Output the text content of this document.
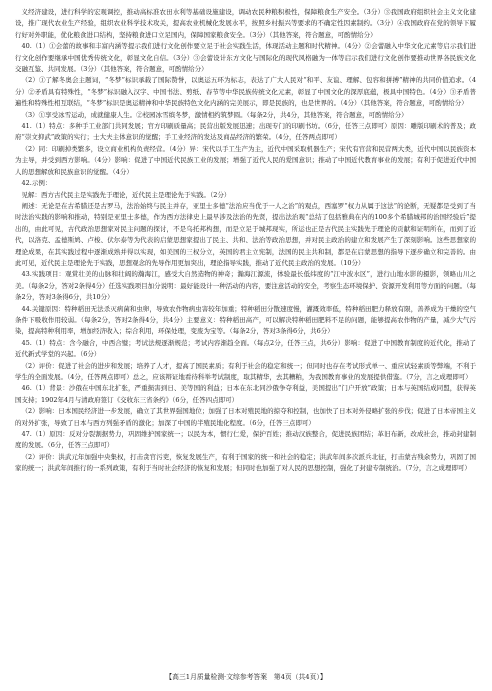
义经济建设，进行科学的宏观调控，推动高标准农田水利等基础设施建设，调动农民种粮积极性，保障粮食生产安全。（3分）③我国政府组织社会主义文化建设，推广现代农业生产经验，组织农业科学技术攻关，提高农业机械化发展水平，按照乡村振兴等要求的不确定性因素制约。（3分）④我国政府在党的领导下履行好对外职能，优化粮食进口结构，坚持粮食进口立足国内，保障国家粮食安全。（3分）（其他答案，符合题意，可酌情给分）

40.（1）①会蕾的故事和丰富内涵等提示我们进行文化创作要立足于社会实践生活，体现活动主题和时代精神。（4分）②会蕾融入中华文化元素等启示我们进行文化创作要继承中国优秀传统文化，彰显文化自信。（3分）③会蕾设计东方文化与国际化的现代风格融为一体等启示我们进行文化创作要推动世界各民族文化交融互鉴、共同发展。（3分）（其他答案，符合题意，可酌情给分）

（2）①了解冬奥会主题词，“冬梦”标识承载了国际赞誉，以奥运五环为标志，表达了广大人民对“和平、友谊、理解、包容和拼搏”精神的共同价值追求。（4分）②矛盾具有特殊性，“冬梦”标识融入汉字、中国书法、剪纸、春节等中华民族传统文化元素，彰显了中国文化的深厚底蕴，极具中国特色。（4分）③矛盾普遍性和特殊性相互联结，“冬梦”标识是奥运精神和中华民族特色文化内涵的完美展示，即是民族的，也是世界的。（4分）（其他答案，符合题意，可酌情给分）

（3）①享受冰雪运动，成就健康人生。②校园冰雪缤冬梦，激情相约筑梦圆。（每条2分，共4分，其他答案，符合题意，可酌情给分）

41.（1）特点：多种手工业部门共同发展；官方印刷质量高；民营出版发展迅速；出现专门的印刷书坊。（6分，任答三点即可）原因：雕版印刷术的普及；政府“崇文抑武”政策的实行；士大夫主体意识的觉醒；手工业经济的发达及商品经济的繁荣。（4分，任答两点即可）

（2）同：印刷掉类繁多，设立商业机构负责经营。（4分）异：宋代以手工生产为主，近代中国采取机器生产；宋代有官营和民营两大类，近代中国以民族资本为主导，并受到西方影响。（4分）影响：促进了中国近代民族工业的发展；增强了近代人民的爱国意识；推动了中国近代教育事业的发展；有利于促进近代中国人的思想解放和民族意识的觉醒。（4分）

42.示例：

见解：西方古代民主是实践先于理论，近代民主是理论先于实践。（2分）

阐述：无论是在古希腊还是古罗马，法治始终与民主并存，亚里士多德“法治应当优于一人之治”的观点，西塞罗“权力从属于这法”的论断，无疑都是受到了当时法治实践的影响和推动，特别是亚里士多德，作为西方法律史上最早涉及法治的先贤，提出法治观“总结了包括雅典在内的100多个希腊城邦的治国经验后”提出的，由此可见，古代政治思想家对民主问题的探讨，不是乌托邦构想，而是立足于城邦现实，所运也正是古代民主实践先于理论的贡献和证明所在，而到了近代，以洛克、孟德斯鸠、卢梭、伏尔泰等为代表的启蒙思想家提出了民主、共和、法治等政治思想，并对民主政治的建立和发展产生了深刻影响。这些思想家的理论成果，在其实践过程中逐渐成熟并得以实现，如美国的三权分立，英国的君主立宪制，法国的民主共和制，都是在启蒙思想的指导下逐步确立和完善的。由此可见，近代民主是理论先于实践，思想观念的先导作用更加突出，理论指导实践，推动了近代民主政治的发展。（10分）

43.实践项目：观赏壮美的山脉和壮阔的瀚海江，感受大自然造物的神奇；瀚海江源流，体验最长低纬度的“江中波水区”，进行山地水影的摄影，领略山川之美。（每条2分，答对2条得4分）任选实践项目加分说明：最好能设计一种活动的内容，要注意活动的安全，考察生态环境保护、资源开发利用等方面的问题。（每条2分，答对3条得6分，共10分）

44.关键原因：特种稻田无法杀灭病菌和虫卵，导致农作物病虫害较年加重；特种稻田分散速度慢，灌溉效率低，特种稻田肥力释放有限，善养成为干燥的空气条件下吸收作用较弱。（每条2分，答对2条得4分，共4分）主要意义：特种稻田高产，可以解决特种稻田肥料不足的问题，能够提高农作物的产量，减少大气污染，提高特种利用率，增加经济收入；综合利用，环保处理，变废为宝等。（每条2分，答对3条得6分，共6分）

45.（1）特点：含今融合，中西合璧；考试法规逐渐规范；考试内容渐趋全面。（每点2分，任答三点，共6分）影响：促进了中国教育制度的近代化，推动了近代新式学堂的兴起。（6分）

（2）评价：促进了社会的进步和发展；培养了人才，提高了国民素质；有利于社会的稳定和统一；但同时也存在考试形式单一、重应试轻素质等弊端，不利于学生的全面发展。（4分，任答两点即可）总之，应该辩证地看待科举考试制度，取其精华，去其糟粕，为我国教育事业的发展提供借鉴。（7分，言之成理即可）

46.（1）背景：沙俄在中国东北扩张，严重损害到日、美等国的利益；日本在东北同沙俄争夺利益，美国提出“门户开放”政策；日本与英国结成同盟，获得英国支持；1902年4月与清政府签订《交收东三省条约》（6分，任答四点即可）

（2）影响：日本国民经济进一步发展，确立了其世界强国地位；加强了日本对殖民地的掠夺和控制，也加快了日本对外侵略扩张的步伐；促进了日本帝国主义的对外扩张，导致了日本与西方列强矛盾的激化；加深了中国的半殖民地化程度。（6分，任答三点即可）

47.（1）原因：反对分裂割据势力，巩固维护国家统一；以民为本，惯行仁爱，保护百姓；推动汉族整合，促进民族团结；革旧布新，改成社会，推动封建制度的发展。（6分，任答三点即可）

（2）评价：洪武元年加强中央集权，打击贪官污吏，恢复发展生产，有利于国家的统一和社会的稳定；洪武年间多次派兵北征，打击蒙古残余势力，巩固了国家的统一；洪武年间推行的一系列政策，有利于当时社会经济的恢复和发展；但同时也加强了对人民的思想控制，强化了封建专制统治。（7分，言之成理即可）

【高三1月质量检测·文综参考答案　第4页（共4页）】
